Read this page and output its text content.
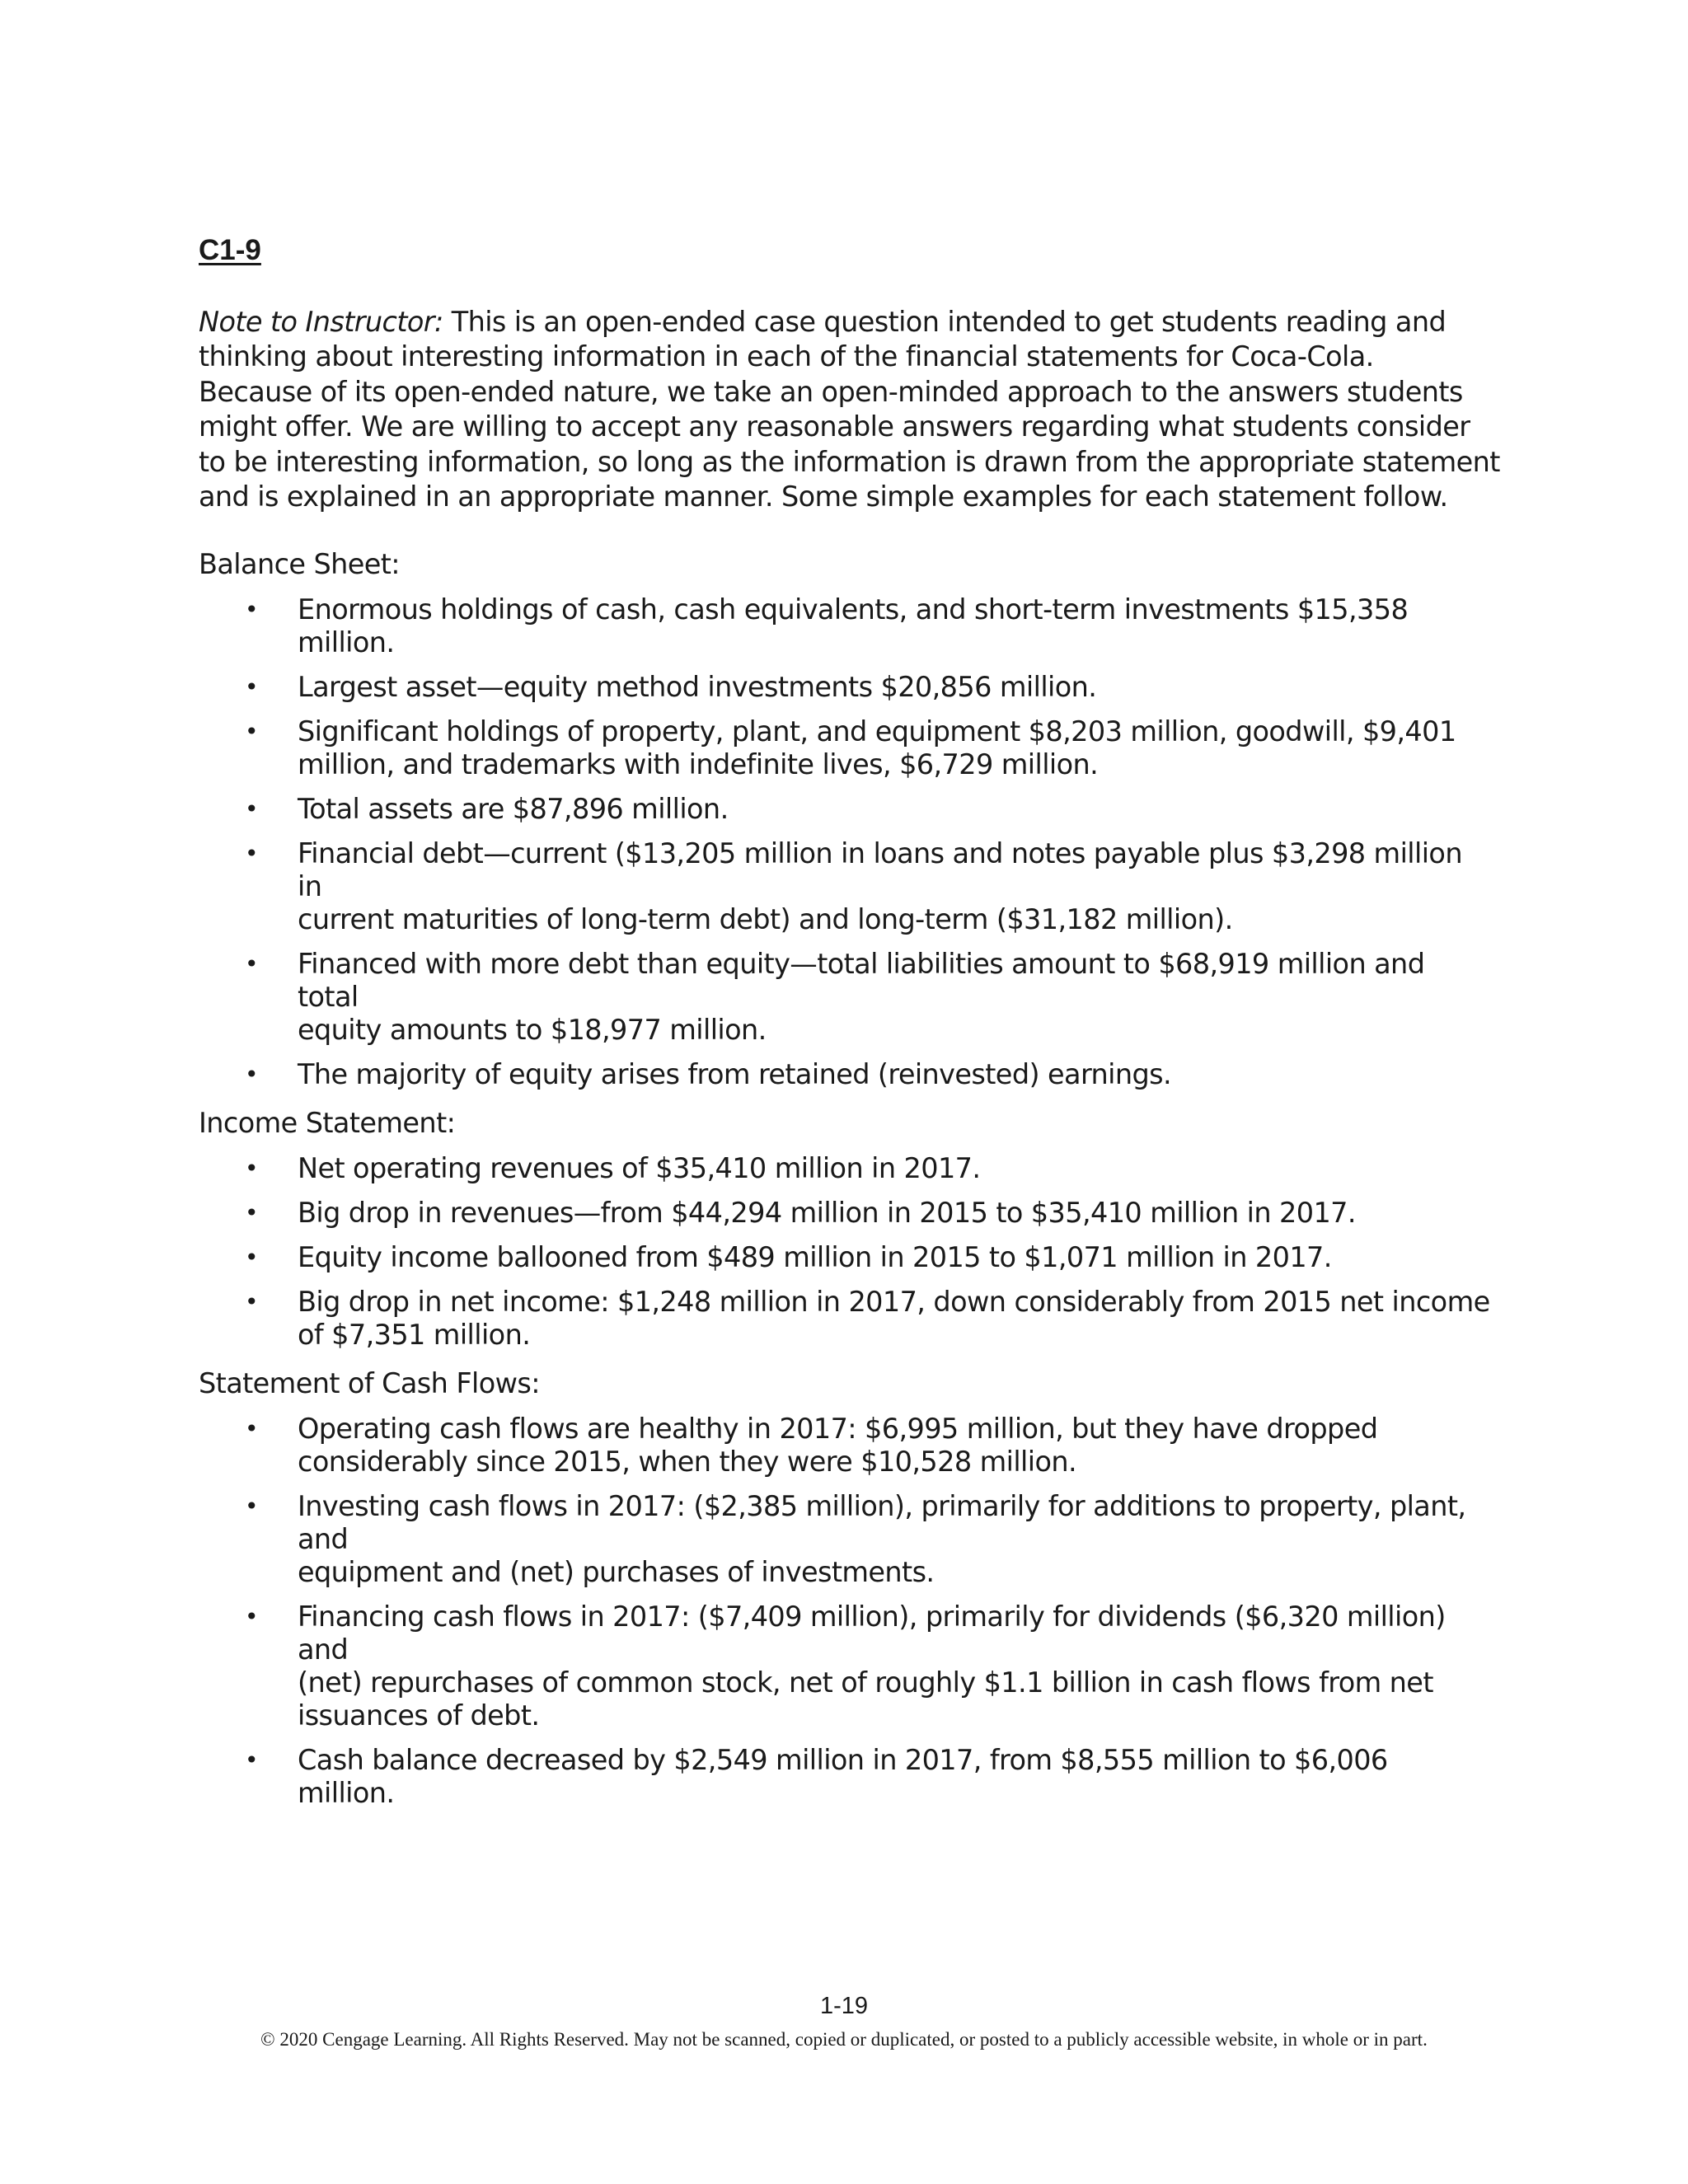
C1-9
Note to Instructor: This is an open-ended case question intended to get students reading and
thinking about interesting information in each of the financial statements for Coca-Cola.
Because of its open-ended nature, we take an open-minded approach to the answers students
might offer. We are willing to accept any reasonable answers regarding what students consider
to be interesting information, so long as the information is drawn from the appropriate statement
and is explained in an appropriate manner. Some simple examples for each statement follow.
Balance Sheet:
• Enormous holdings of cash, cash equivalents, and short-term investments $15,358 million.
• Largest asset—equity method investments $20,856 million.
• Significant holdings of property, plant, and equipment $8,203 million, goodwill, $9,401
million, and trademarks with indefinite lives, $6,729 million.
• Total assets are $87,896 million.
• Financial debt—current ($13,205 million in loans and notes payable plus $3,298 million in
current maturities of long-term debt) and long-term ($31,182 million).
• Financed with more debt than equity—total liabilities amount to $68,919 million and total
equity amounts to $18,977 million.
• The majority of equity arises from retained (reinvested) earnings.
Income Statement:
• Net operating revenues of $35,410 million in 2017.
• Big drop in revenues—from $44,294 million in 2015 to $35,410 million in 2017.
• Equity income ballooned from $489 million in 2015 to $1,071 million in 2017.
• Big drop in net income: $1,248 million in 2017, down considerably from 2015 net income
of $7,351 million.
Statement of Cash Flows:
• Operating cash flows are healthy in 2017: $6,995 million, but they have dropped
considerably since 2015, when they were $10,528 million.
• Investing cash flows in 2017: ($2,385 million), primarily for additions to property, plant, and
equipment and (net) purchases of investments.
• Financing cash flows in 2017: ($7,409 million), primarily for dividends ($6,320 million) and
(net) repurchases of common stock, net of roughly $1.1 billion in cash flows from net
issuances of debt.
• Cash balance decreased by $2,549 million in 2017, from $8,555 million to $6,006 million.
1-19
© 2020 Cengage Learning. All Rights Reserved. May not be scanned, copied or duplicated, or posted to a publicly accessible website, in whole or in part.
